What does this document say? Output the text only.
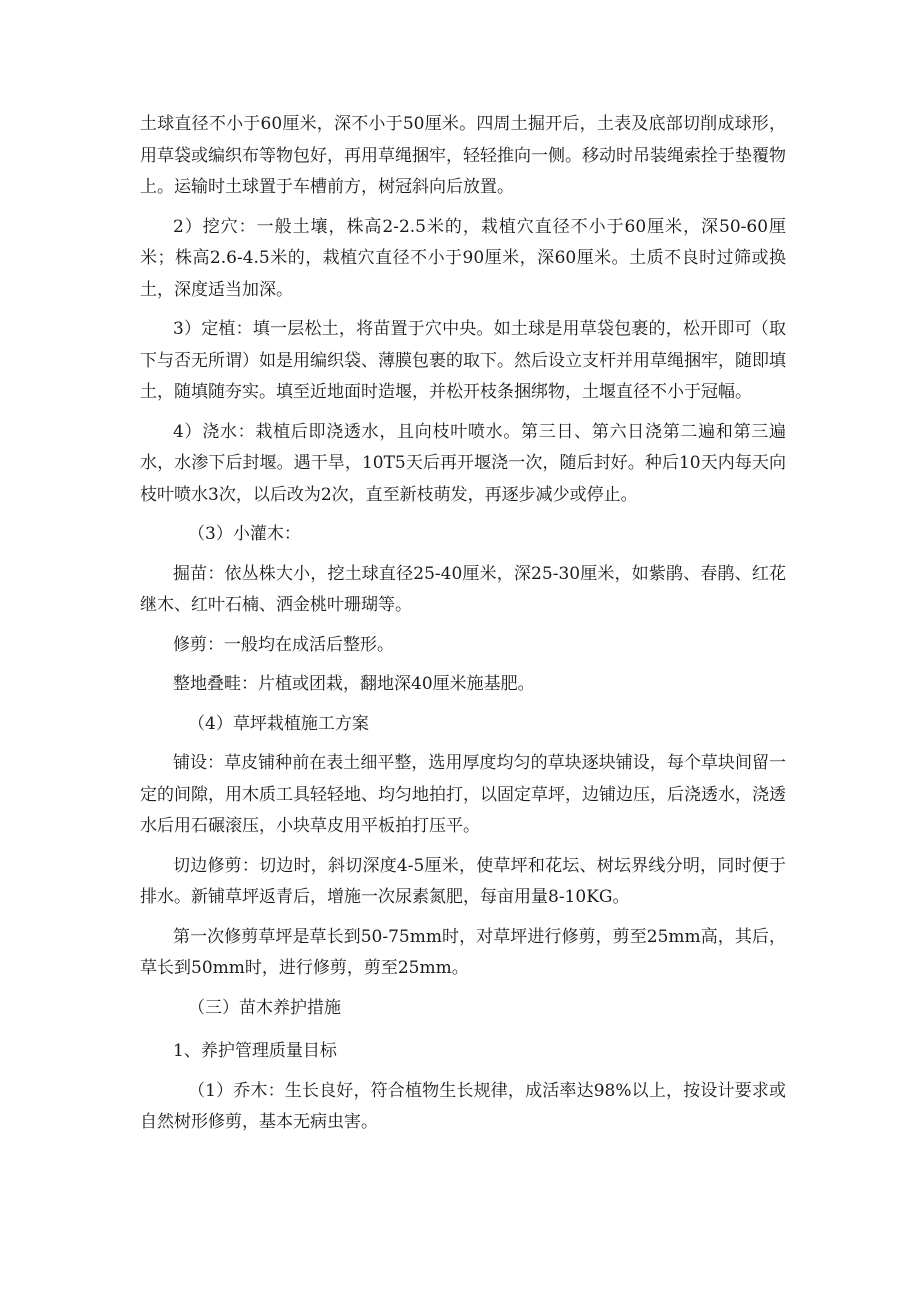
土球直径不小于60厘米，深不小于50厘米。四周土掘开后，土表及底部切削成球形，用草袋或编织布等物包好，再用草绳捆牢，轻轻推向一侧。移动时吊装绳索拴于垫覆物上。运输时土球置于车槽前方，树冠斜向后放置。

2）挖穴：一般土壤，株高2-2.5米的，栽植穴直径不小于60厘米，深50-60厘米；株高2.6-4.5米的，栽植穴直径不小于90厘米，深60厘米。土质不良时过筛或换土，深度适当加深。

3）定植：填一层松土，将苗置于穴中央。如土球是用草袋包裹的，松开即可（取下与否无所谓）如是用编织袋、薄膜包裹的取下。然后设立支杆并用草绳捆牢，随即填土，随填随夯实。填至近地面时造堰，并松开枝条捆绑物，土堰直径不小于冠幅。

4）浇水：栽植后即浇透水，且向枝叶喷水。第三日、第六日浇第二遍和第三遍水，水渗下后封堰。遇干旱，10T5天后再开堰浇一次，随后封好。种后10天内每天向枝叶喷水3次，以后改为2次，直至新枝萌发，再逐步减少或停止。

（3）小灌木：

掘苗：依丛株大小，挖土球直径25-40厘米，深25-30厘米，如紫鹃、春鹃、红花继木、红叶石楠、洒金桃叶珊瑚等。

修剪：一般均在成活后整形。

整地叠畦：片植或团栽，翻地深40厘米施基肥。

（4）草坪栽植施工方案

铺设：草皮铺种前在表土细平整，选用厚度均匀的草块逐块铺设，每个草块间留一定的间隙，用木质工具轻轻地、均匀地拍打，以固定草坪，边铺边压，后浇透水，浇透水后用石碾滚压，小块草皮用平板拍打压平。

切边修剪：切边时，斜切深度4-5厘米，使草坪和花坛、树坛界线分明，同时便于排水。新铺草坪返青后，增施一次尿素氮肥，每亩用量8-10KG。

第一次修剪草坪是草长到50-75mm时，对草坪进行修剪，剪至25mm高，其后，草长到50mm时，进行修剪，剪至25mm。

（三）苗木养护措施

1、养护管理质量目标

（1）乔木：生长良好，符合植物生长规律，成活率达98%以上，按设计要求或自然树形修剪，基本无病虫害。
